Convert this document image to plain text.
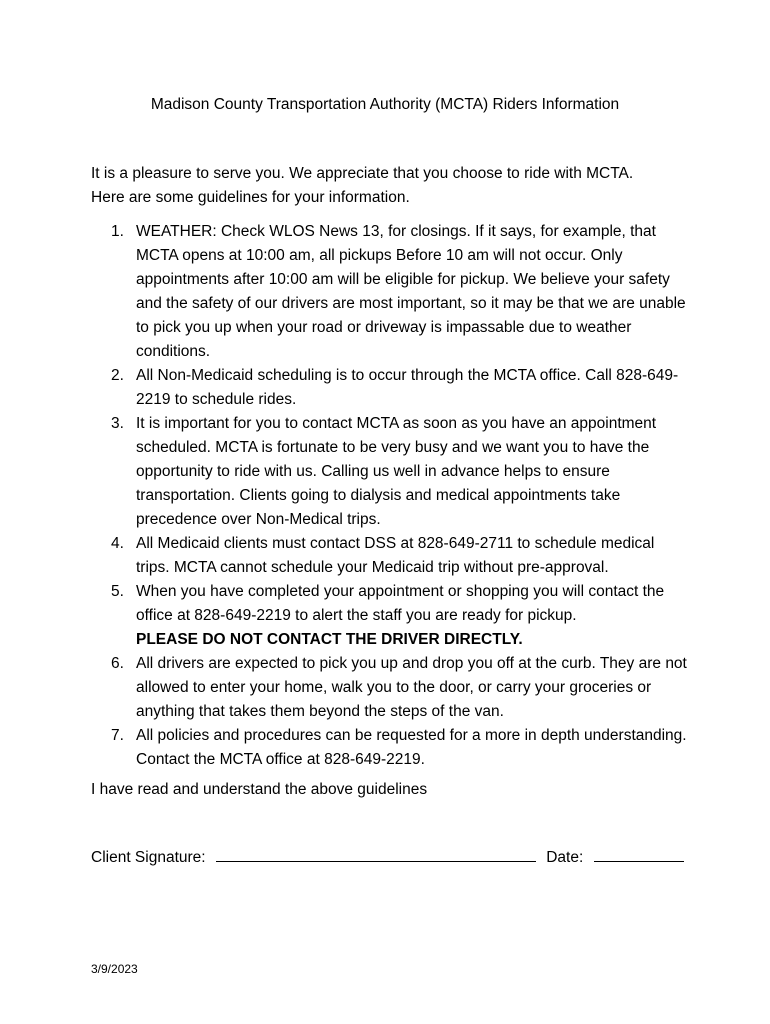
Madison County Transportation Authority (MCTA) Riders Information

It is a pleasure to serve you. We appreciate that you choose to ride with MCTA.

Here are some guidelines for your information.

1. WEATHER: Check WLOS News 13, for closings. If it says, for example, that MCTA opens at 10:00 am, all pickups Before 10 am will not occur. Only appointments after 10:00 am will be eligible for pickup. We believe your safety and the safety of our drivers are most important, so it may be that we are unable to pick you up when your road or driveway is impassable due to weather conditions.
2. All Non-Medicaid scheduling is to occur through the MCTA office. Call 828-649-2219 to schedule rides.
3. It is important for you to contact MCTA as soon as you have an appointment scheduled. MCTA is fortunate to be very busy and we want you to have the opportunity to ride with us. Calling us well in advance helps to ensure transportation. Clients going to dialysis and medical appointments take precedence over Non-Medical trips.
4. All Medicaid clients must contact DSS at 828-649-2711 to schedule medical trips. MCTA cannot schedule your Medicaid trip without pre-approval.
5. When you have completed your appointment or shopping you will contact the office at 828-649-2219 to alert the staff you are ready for pickup.
PLEASE DO NOT CONTACT THE DRIVER DIRECTLY.
6. All drivers are expected to pick you up and drop you off at the curb. They are not allowed to enter your home, walk you to the door, or carry your groceries or anything that takes them beyond the steps of the van.
7. All policies and procedures can be requested for a more in depth understanding. Contact the MCTA office at 828-649-2219.
I have read and understand the above guidelines
Client Signature:	Date:
3/9/2023
